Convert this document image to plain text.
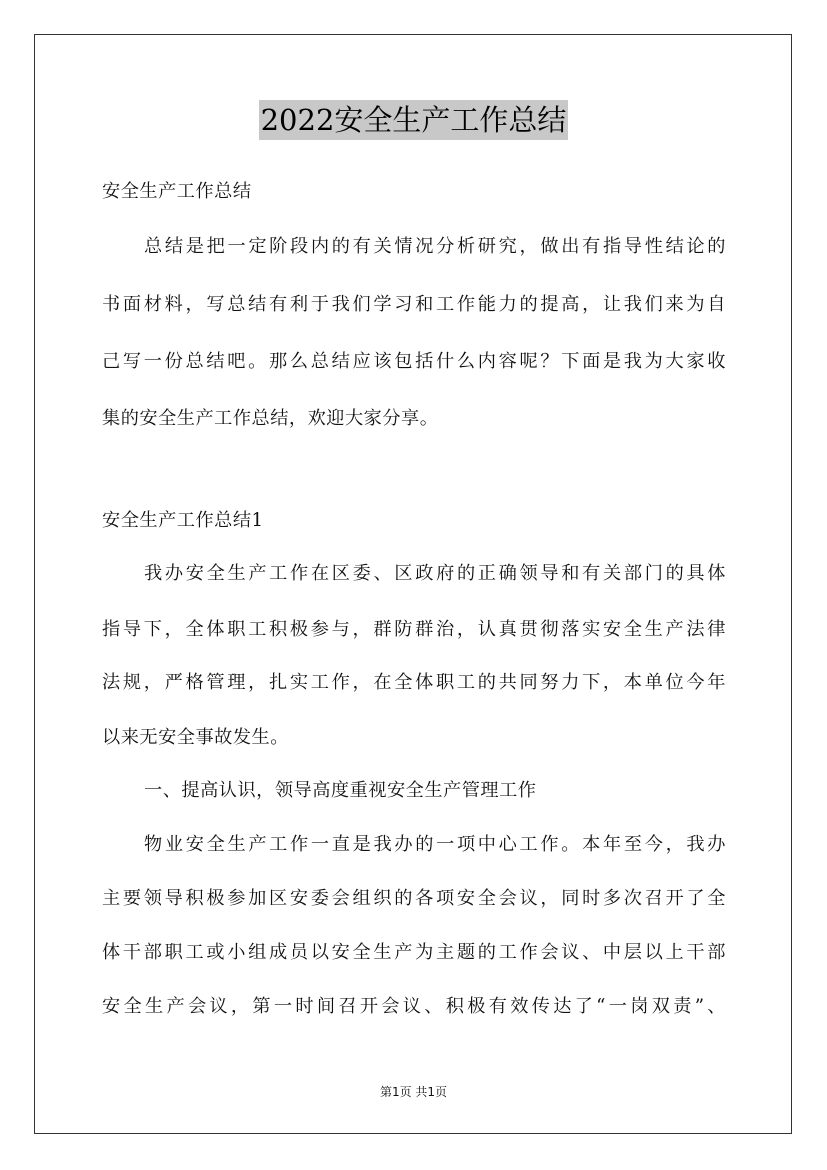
2022安全生产工作总结
安全生产工作总结
总结是把一定阶段内的有关情况分析研究，做出有指导性结论的
书面材料，写总结有利于我们学习和工作能力的提高，让我们来为自
己写一份总结吧。那么总结应该包括什么内容呢？下面是我为大家收
集的安全生产工作总结，欢迎大家分享。
安全生产工作总结1
我办安全生产工作在区委、区政府的正确领导和有关部门的具体
指导下，全体职工积极参与，群防群治，认真贯彻落实安全生产法律
法规，严格管理，扎实工作，在全体职工的共同努力下，本单位今年
以来无安全事故发生。
一、提高认识，领导高度重视安全生产管理工作
物业安全生产工作一直是我办的一项中心工作。本年至今，我办
主要领导积极参加区安委会组织的各项安全会议，同时多次召开了全
体干部职工或小组成员以安全生产为主题的工作会议、中层以上干部
安全生产会议，第一时间召开会议、积极有效传达了“一岗双责”、
第1页 共1页
